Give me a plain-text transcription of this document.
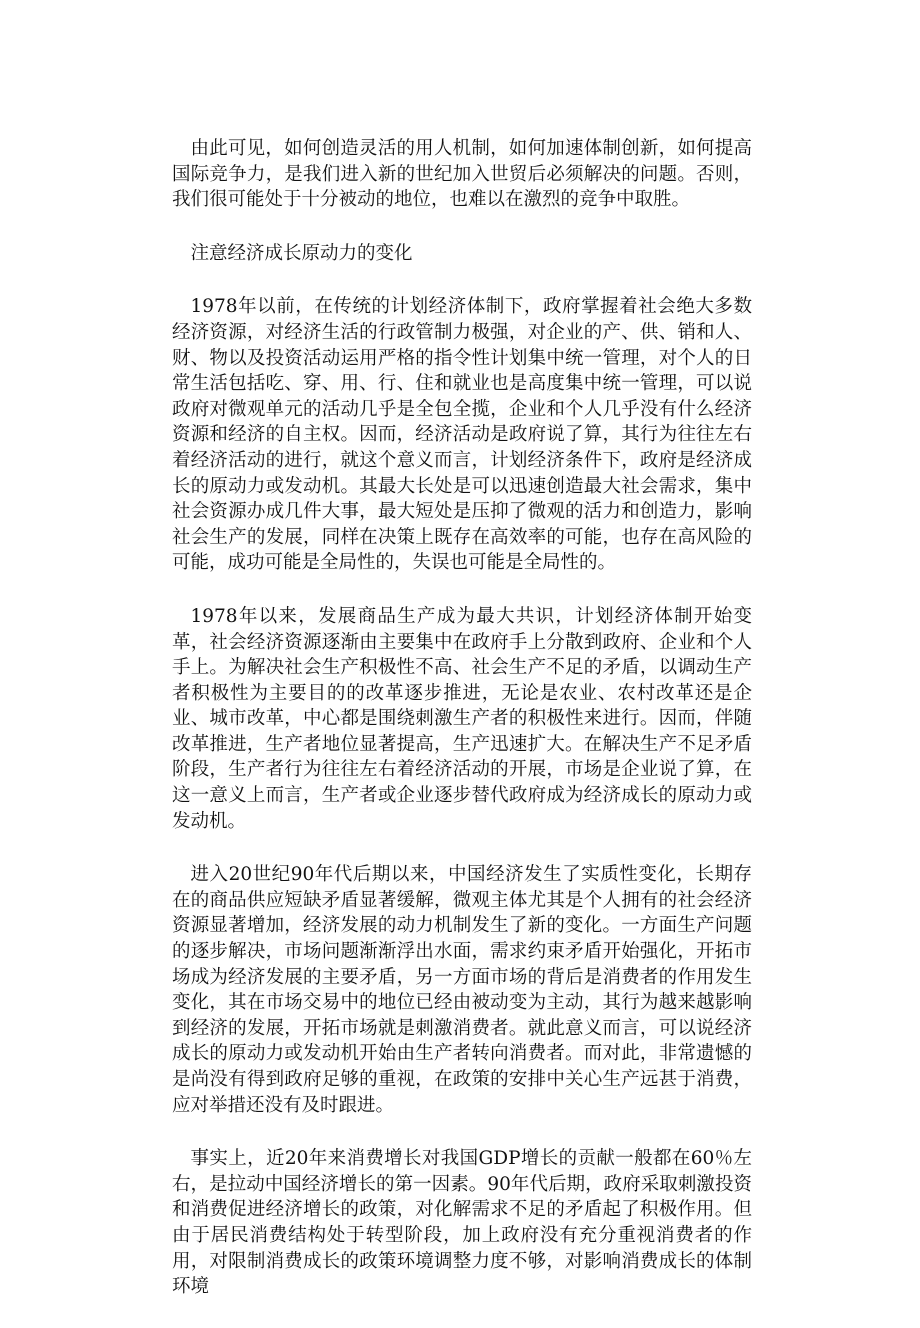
由此可见，如何创造灵活的用人机制，如何加速体制创新，如何提高国际竞争力，是我们进入新的世纪加入世贸后必须解决的问题。否则，我们很可能处于十分被动的地位，也难以在激烈的竞争中取胜。

注意经济成长原动力的变化

1978年以前，在传统的计划经济体制下，政府掌握着社会绝大多数经济资源，对经济生活的行政管制力极强，对企业的产、供、销和人、财、物以及投资活动运用严格的指令性计划集中统一管理，对个人的日常生活包括吃、穿、用、行、住和就业也是高度集中统一管理，可以说政府对微观单元的活动几乎是全包全揽，企业和个人几乎没有什么经济资源和经济的自主权。因而，经济活动是政府说了算，其行为往往左右着经济活动的进行，就这个意义而言，计划经济条件下，政府是经济成长的原动力或发动机。其最大长处是可以迅速创造最大社会需求，集中社会资源办成几件大事，最大短处是压抑了微观的活力和创造力，影响社会生产的发展，同样在决策上既存在高效率的可能，也存在高风险的可能，成功可能是全局性的，失误也可能是全局性的。

1978年以来，发展商品生产成为最大共识，计划经济体制开始变革，社会经济资源逐渐由主要集中在政府手上分散到政府、企业和个人手上。为解决社会生产积极性不高、社会生产不足的矛盾，以调动生产者积极性为主要目的的改革逐步推进，无论是农业、农村改革还是企业、城市改革，中心都是围绕刺激生产者的积极性来进行。因而，伴随改革推进，生产者地位显著提高，生产迅速扩大。在解决生产不足矛盾阶段，生产者行为往往左右着经济活动的开展，市场是企业说了算，在这一意义上而言，生产者或企业逐步替代政府成为经济成长的原动力或发动机。

进入20世纪90年代后期以来，中国经济发生了实质性变化，长期存在的商品供应短缺矛盾显著缓解，微观主体尤其是个人拥有的社会经济资源显著增加，经济发展的动力机制发生了新的变化。一方面生产问题的逐步解决，市场问题渐渐浮出水面，需求约束矛盾开始强化，开拓市场成为经济发展的主要矛盾，另一方面市场的背后是消费者的作用发生变化，其在市场交易中的地位已经由被动变为主动，其行为越来越影响到经济的发展，开拓市场就是刺激消费者。就此意义而言，可以说经济成长的原动力或发动机开始由生产者转向消费者。而对此，非常遗憾的是尚没有得到政府足够的重视，在政策的安排中关心生产远甚于消费，应对举措还没有及时跟进。

事实上，近20年来消费增长对我国GDP增长的贡献一般都在60％左右，是拉动中国经济增长的第一因素。90年代后期，政府采取刺激投资和消费促进经济增长的政策，对化解需求不足的矛盾起了积极作用。但由于居民消费结构处于转型阶段，加上政府没有充分重视消费者的作用，对限制消费成长的政策环境调整力度不够，对影响消费成长的体制环境
